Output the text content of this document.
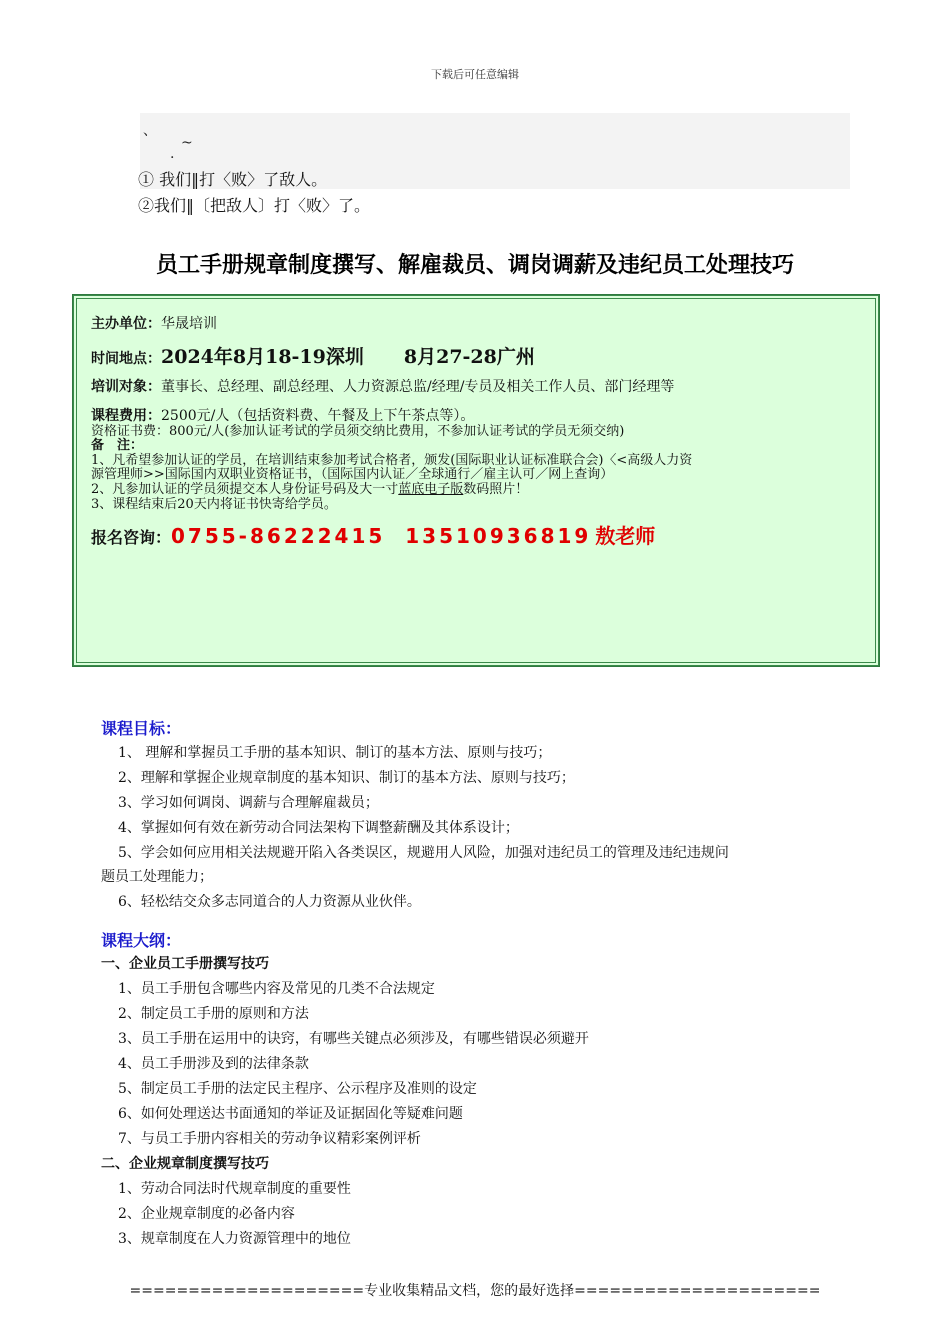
下载后可任意编辑
、
~
.
① 我们‖打〈败〉了敌人。
②我们‖〔把敌人〕打〈败〉了。
员工手册规章制度撰写、解雇裁员、调岗调薪及违纪员工处理技巧
主办单位：华晟培训
时间地点：2024年8月18-19深圳 8月27-28广州
培训对象：董事长、总经理、副总经理、人力资源总监/经理/专员及相关工作人员、部门经理等
课程费用：2500元/人（包括资料费、午餐及上下午茶点等）。
资格证书费：800元/人(参加认证考试的学员须交纳比费用，不参加认证考试的学员无须交纳)
备　注：
1、凡希望参加认证的学员，在培训结束参加考试合格者，颁发(国际职业认证标准联合会)〈<高级人力资
源管理师>>国际国内双职业资格证书，（国际国内认证／全球通行／雇主认可／网上查询）
2、凡参加认证的学员须提交本人身份证号码及大一寸蓝底电子版数码照片！
3、课程结束后20天内将证书快寄给学员。
报名咨询：0755-86222415  13510936819 敖老师
课程目标：
1、 理解和掌握员工手册的基本知识、制订的基本方法、原则与技巧；
2、理解和掌握企业规章制度的基本知识、制订的基本方法、原则与技巧；
3、学习如何调岗、调薪与合理解雇裁员；
4、掌握如何有效在新劳动合同法架构下调整薪酬及其体系设计；
5、学会如何应用相关法规避开陷入各类误区，规避用人风险，加强对违纪员工的管理及违纪违规问
题员工处理能力；
6、轻松结交众多志同道合的人力资源从业伙伴。
课程大纲：
一、企业员工手册撰写技巧
1、员工手册包含哪些内容及常见的几类不合法规定
2、制定员工手册的原则和方法
3、员工手册在运用中的诀窍，有哪些关键点必须涉及，有哪些错误必须避开
4、员工手册涉及到的法律条款
5、制定员工手册的法定民主程序、公示程序及准则的设定
6、如何处理送达书面通知的举证及证据固化等疑难问题
7、与员工手册内容相关的劳动争议精彩案例评析
二、企业规章制度撰写技巧
1、劳动合同法时代规章制度的重要性
2、企业规章制度的必备内容
3、规章制度在人力资源管理中的地位
====================专业收集精品文档，您的最好选择=====================
